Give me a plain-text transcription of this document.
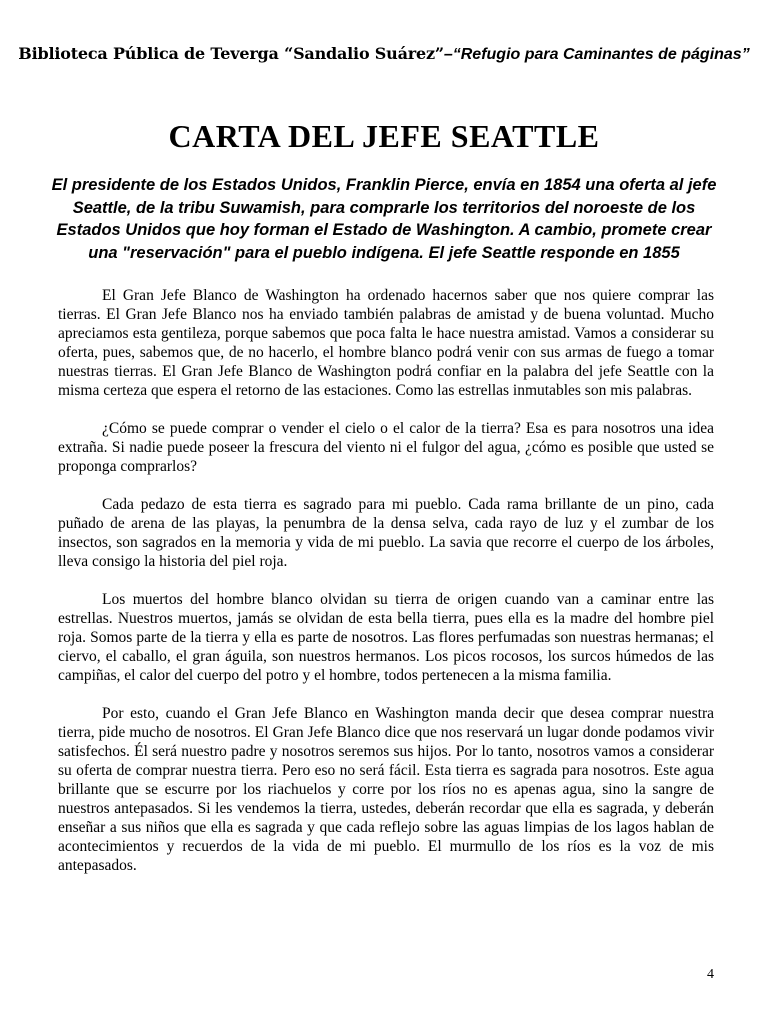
Biblioteca Pública de Teverga “Sandalio Suárez”–“Refugio para Caminantes de páginas”
CARTA DEL JEFE SEATTLE
El presidente de los Estados Unidos, Franklin Pierce, envía en 1854 una oferta al jefe Seattle, de la tribu Suwamish, para comprarle los territorios del noroeste de los Estados Unidos que hoy forman el Estado de Washington. A cambio, promete crear una "reservación" para el pueblo indígena. El jefe Seattle responde en 1855

El Gran Jefe Blanco de Washington ha ordenado hacernos saber que nos quiere comprar las tierras. El Gran Jefe Blanco nos ha enviado también palabras de amistad y de buena voluntad. Mucho apreciamos esta gentileza, porque sabemos que poca falta le hace nuestra amistad. Vamos a considerar su oferta, pues, sabemos que, de no hacerlo, el hombre blanco podrá venir con sus armas de fuego a tomar nuestras tierras. El Gran Jefe Blanco de Washington podrá confiar en la palabra del jefe Seattle con la misma certeza que espera el retorno de las estaciones. Como las estrellas inmutables son mis palabras.

¿Cómo se puede comprar o vender el cielo o el calor de la tierra? Esa es para nosotros una idea extraña. Si nadie puede poseer la frescura del viento ni el fulgor del agua, ¿cómo es posible que usted se proponga comprarlos?

Cada pedazo de esta tierra es sagrado para mi pueblo. Cada rama brillante de un pino, cada puñado de arena de las playas, la penumbra de la densa selva, cada rayo de luz y el zumbar de los insectos, son sagrados en la memoria y vida de mi pueblo. La savia que recorre el cuerpo de los árboles, lleva consigo la historia del piel roja.

Los muertos del hombre blanco olvidan su tierra de origen cuando van a caminar entre las estrellas. Nuestros muertos, jamás se olvidan de esta bella tierra, pues ella es la madre del hombre piel roja. Somos parte de la tierra y ella es parte de nosotros. Las flores perfumadas son nuestras hermanas; el ciervo, el caballo, el gran águila, son nuestros hermanos. Los picos rocosos, los surcos húmedos de las campiñas, el calor del cuerpo del potro y el hombre, todos pertenecen a la misma familia.

Por esto, cuando el Gran Jefe Blanco en Washington manda decir que desea comprar nuestra tierra, pide mucho de nosotros. El Gran Jefe Blanco dice que nos reservará un lugar donde podamos vivir satisfechos. Él será nuestro padre y nosotros seremos sus hijos. Por lo tanto, nosotros vamos a considerar su oferta de comprar nuestra tierra. Pero eso no será fácil. Esta tierra es sagrada para nosotros. Este agua brillante que se escurre por los riachuelos y corre por los ríos no es apenas agua, sino la sangre de nuestros antepasados. Si les vendemos la tierra, ustedes, deberán recordar que ella es sagrada, y deberán enseñar a sus niños que ella es sagrada y que cada reflejo sobre las aguas limpias de los lagos hablan de acontecimientos y recuerdos de la vida de mi pueblo. El murmullo de los ríos es la voz de mis antepasados.

4
